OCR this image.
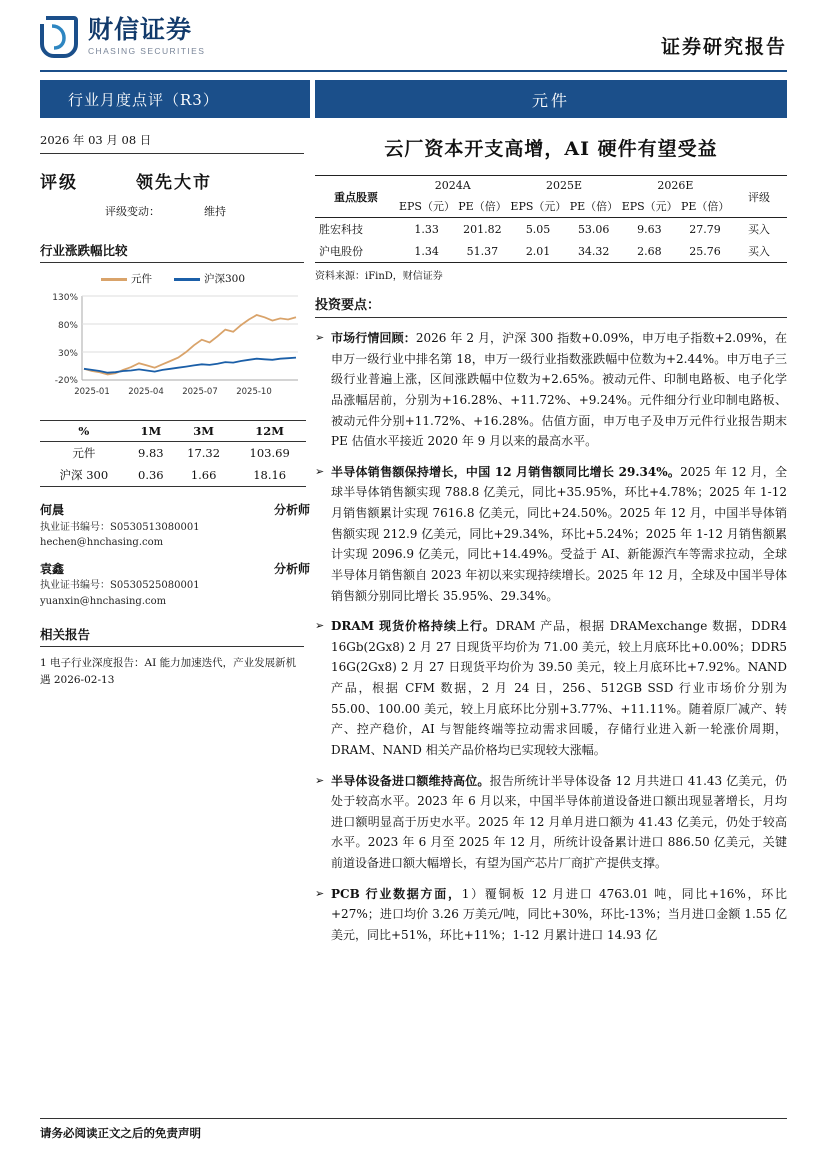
财信证券
CHASING SECURITIES	证券研究报告
行业月度点评（R3）	元件
2026 年 03 月 08 日
评级	领先大市
评级变动：	维持
行业涨跌幅比较
元件	沪深300
130%
80%
30%
-20%
2025-01 2025-04 2025-07 2025-10
%	1M	3M	12M
元件	9.83	17.32	103.69
沪深 300	0.36	1.66	18.16
何晨	分析师
执业证书编号：S0530513080001
hechen@hnchasing.com
袁鑫	分析师
执业证书编号：S0530525080001
yuanxin@hnchasing.com
相关报告
1 电子行业深度报告：AI 能力加速迭代，产业发展新机遇 2026-02-13
云厂资本开支高增，AI 硬件有望受益
重点股票	2024A		2025E		2026E		评级
	EPS（元）	PE（倍）	EPS（元）	PE（倍）	EPS（元）	PE（倍）	
胜宏科技	1.33	201.82	5.05	53.06	9.63	27.79	买入
沪电股份	1.34	51.37	2.01	34.32	2.68	25.76	买入
资料来源：iFinD，财信证券
投资要点：
➢ 市场行情回顾：2026 年 2 月，沪深 300 指数+0.09%，申万电子指数+2.09%，在申万一级行业中排名第 18，申万一级行业指数涨跌幅中位数为+2.44%。申万电子三级行业普遍上涨，区间涨跌幅中位数为+2.65%。被动元件、印制电路板、电子化学品涨幅居前，分别为+16.28%、+11.72%、+9.24%。元件细分行业印制电路板、被动元件分别+11.72%、+16.28%。估值方面，申万电子及申万元件行业报告期末 PE 估值水平接近 2020 年 9 月以来的最高水平。
➢ 半导体销售额保持增长，中国 12 月销售额同比增长 29.34%。2025 年 12 月，全球半导体销售额实现 788.8 亿美元，同比+35.95%，环比+4.78%；2025 年 1-12 月销售额累计实现 7616.8 亿美元，同比+24.50%。2025 年 12 月，中国半导体销售额实现 212.9 亿美元，同比+29.34%，环比+5.24%；2025 年 1-12 月销售额累计实现 2096.9 亿美元，同比+14.49%。受益于 AI、新能源汽车等需求拉动，全球半导体月销售额自 2023 年初以来实现持续增长。2025 年 12 月，全球及中国半导体销售额分别同比增长 35.95%、29.34%。
➢ DRAM 现货价格持续上行。DRAM 产品，根据 DRAMexchange 数据，DDR4 16Gb(2Gx8) 2 月 27 日现货平均价为 71.00 美元，较上月底环比+0.00%；DDR5 16G(2Gx8) 2 月 27 日现货平均价为 39.50 美元，较上月底环比+7.92%。NAND 产品，根据 CFM 数据，2 月 24 日，256、512GB SSD 行业市场价分别为 55.00、100.00 美元，较上月底环比分别+3.77%、+11.11%。随着原厂减产、转产、控产稳价，AI 与智能终端等拉动需求回暖，存储行业进入新一轮涨价周期，DRAM、NAND 相关产品价格均已实现较大涨幅。
➢ 半导体设备进口额维持高位。报告所统计半导体设备 12 月共进口 41.43 亿美元，仍处于较高水平。2023 年 6 月以来，中国半导体前道设备进口额出现显著增长，月均进口额明显高于历史水平。2025 年 12 月单月进口额为 41.43 亿美元，仍处于较高水平。2023 年 6 月至 2025 年 12 月，所统计设备累计进口 886.50 亿美元，关键前道设备进口额大幅增长，有望为国产芯片厂商扩产提供支撑。
➢ PCB 行业数据方面，1）覆铜板 12 月进口 4763.01 吨，同比+16%，环比+27%；进口均价 3.26 万美元/吨，同比+30%，环比-13%；当月进口金额 1.55 亿美元，同比+51%，环比+11%；1-12 月累计进口 14.93 亿
请务必阅读正文之后的免责声明
